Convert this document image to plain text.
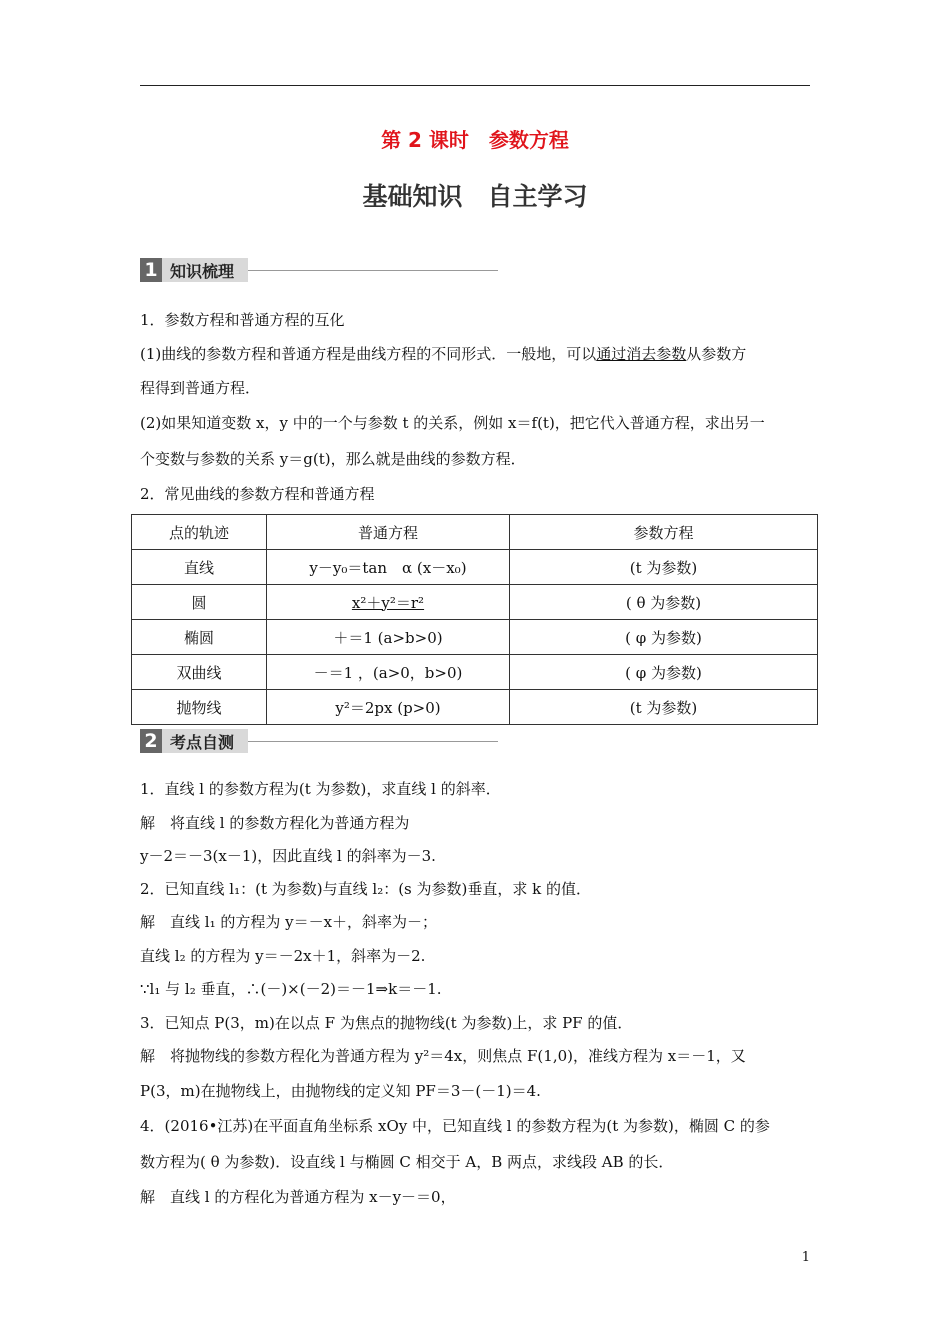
第 2 课时　参数方程
基础知识　自主学习
1 知识梳理
1．参数方程和普通方程的互化
(1)曲线的参数方程和普通方程是曲线方程的不同形式．一般地，可以通过消去参数从参数方
程得到普通方程．
(2)如果知道变数 x，y 中的一个与参数 t 的关系，例如 x＝f(t)，把它代入普通方程，求出另一
个变数与参数的关系 y＝g(t)，那么就是曲线的参数方程．
2．常见曲线的参数方程和普通方程
点的轨迹	普通方程	参数方程
直线	y－y₀＝tan　α (x－x₀)	(t 为参数)
圆	x²＋y²＝r²	( θ 为参数)
椭圆	＋＝1 (a>b>0)	( φ 为参数)
双曲线	－＝1 ，(a>0，b>0)	( φ 为参数)
抛物线	y²＝2px (p>0)	(t 为参数)
2 考点自测
1．直线 l 的参数方程为(t 为参数)，求直线 l 的斜率．
解　将直线 l 的参数方程化为普通方程为
y－2＝－3(x－1)，因此直线 l 的斜率为－3.
2．已知直线 l₁：(t 为参数)与直线 l₂：(s 为参数)垂直，求 k 的值．
解　直线 l₁ 的方程为 y＝－x＋，斜率为－；
直线 l₂ 的方程为 y＝－2x＋1，斜率为－2.
∵l₁ 与 l₂ 垂直，∴(－)×(－2)＝－1⇒k＝－1.
3．已知点 P(3，m)在以点 F 为焦点的抛物线(t 为参数)上，求 PF 的值．
解　将抛物线的参数方程化为普通方程为 y²＝4x，则焦点 F(1,0)，准线方程为 x＝－1，又
P(3，m)在抛物线上，由抛物线的定义知 PF＝3－(－1)＝4.
4．(2016•江苏)在平面直角坐标系 xOy 中，已知直线 l 的参数方程为(t 为参数)，椭圆 C 的参
数方程为( θ 为参数)．设直线 l 与椭圆 C 相交于 A，B 两点，求线段 AB 的长．
解　直线 l 的方程化为普通方程为 x－y－＝0，
1
